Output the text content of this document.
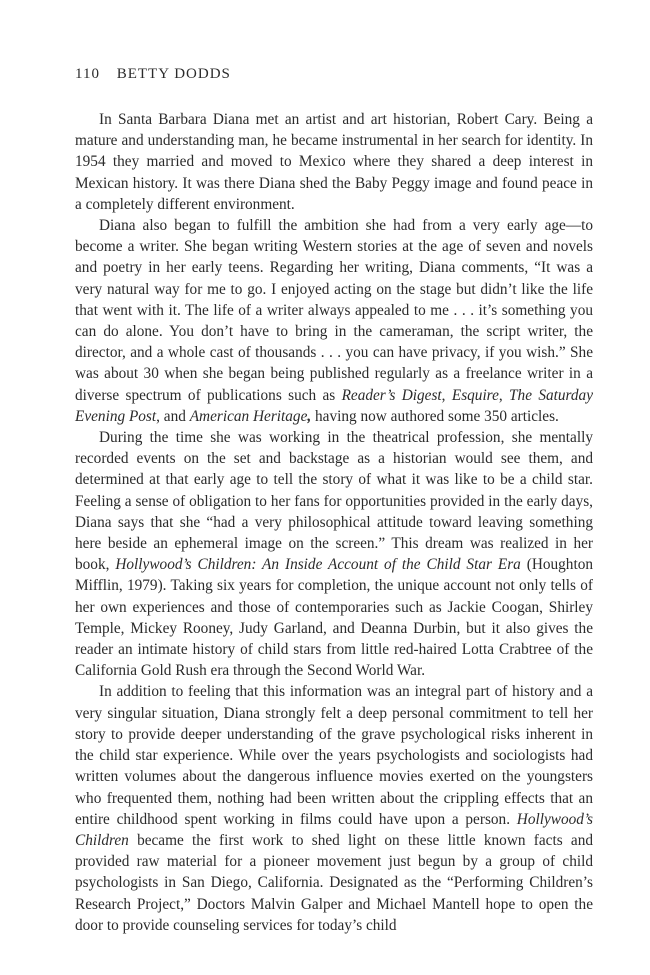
110 BETTY DODDS

In Santa Barbara Diana met an artist and art historian, Robert Cary. Being a mature and understanding man, he became instrumental in her search for identity. In 1954 they married and moved to Mexico where they shared a deep interest in Mexican history. It was there Diana shed the Baby Peggy image and found peace in a completely different environment.

Diana also began to fulfill the ambition she had from a very early age—to become a writer. She began writing Western stories at the age of seven and novels and poetry in her early teens. Regarding her writing, Diana comments, “It was a very natural way for me to go. I enjoyed acting on the stage but didn’t like the life that went with it. The life of a writer always appealed to me . . . it’s something you can do alone. You don’t have to bring in the cameraman, the script writer, the director, and a whole cast of thousands . . . you can have privacy, if you wish.” She was about 30 when she began being published regularly as a freelance writer in a diverse spectrum of publications such as Reader’s Digest, Esquire, The Saturday Evening Post, and American Heritage, having now authored some 350 articles.

During the time she was working in the theatrical profession, she mentally recorded events on the set and backstage as a historian would see them, and determined at that early age to tell the story of what it was like to be a child star. Feeling a sense of obligation to her fans for opportunities provided in the early days, Diana says that she “had a very philosophical attitude toward leaving something here beside an ephemeral image on the screen.” This dream was realized in her book, Hollywood’s Children: An Inside Account of the Child Star Era (Houghton Mifflin, 1979). Taking six years for completion, the unique account not only tells of her own experiences and those of contemporaries such as Jackie Coogan, Shirley Temple, Mickey Rooney, Judy Garland, and Deanna Durbin, but it also gives the reader an intimate history of child stars from little red-haired Lotta Crabtree of the California Gold Rush era through the Second World War.

In addition to feeling that this information was an integral part of history and a very singular situation, Diana strongly felt a deep personal commitment to tell her story to provide deeper understanding of the grave psychological risks inherent in the child star experience. While over the years psychologists and sociologists had written volumes about the dangerous influence movies exerted on the youngsters who frequented them, nothing had been written about the crippling effects that an entire childhood spent working in films could have upon a person. Hollywood’s Children became the first work to shed light on these little known facts and provided raw material for a pioneer movement just begun by a group of child psychologists in San Diego, California. Designated as the “Performing Children’s Research Project,” Doctors Malvin Galper and Michael Mantell hope to open the door to provide counseling services for today’s child
